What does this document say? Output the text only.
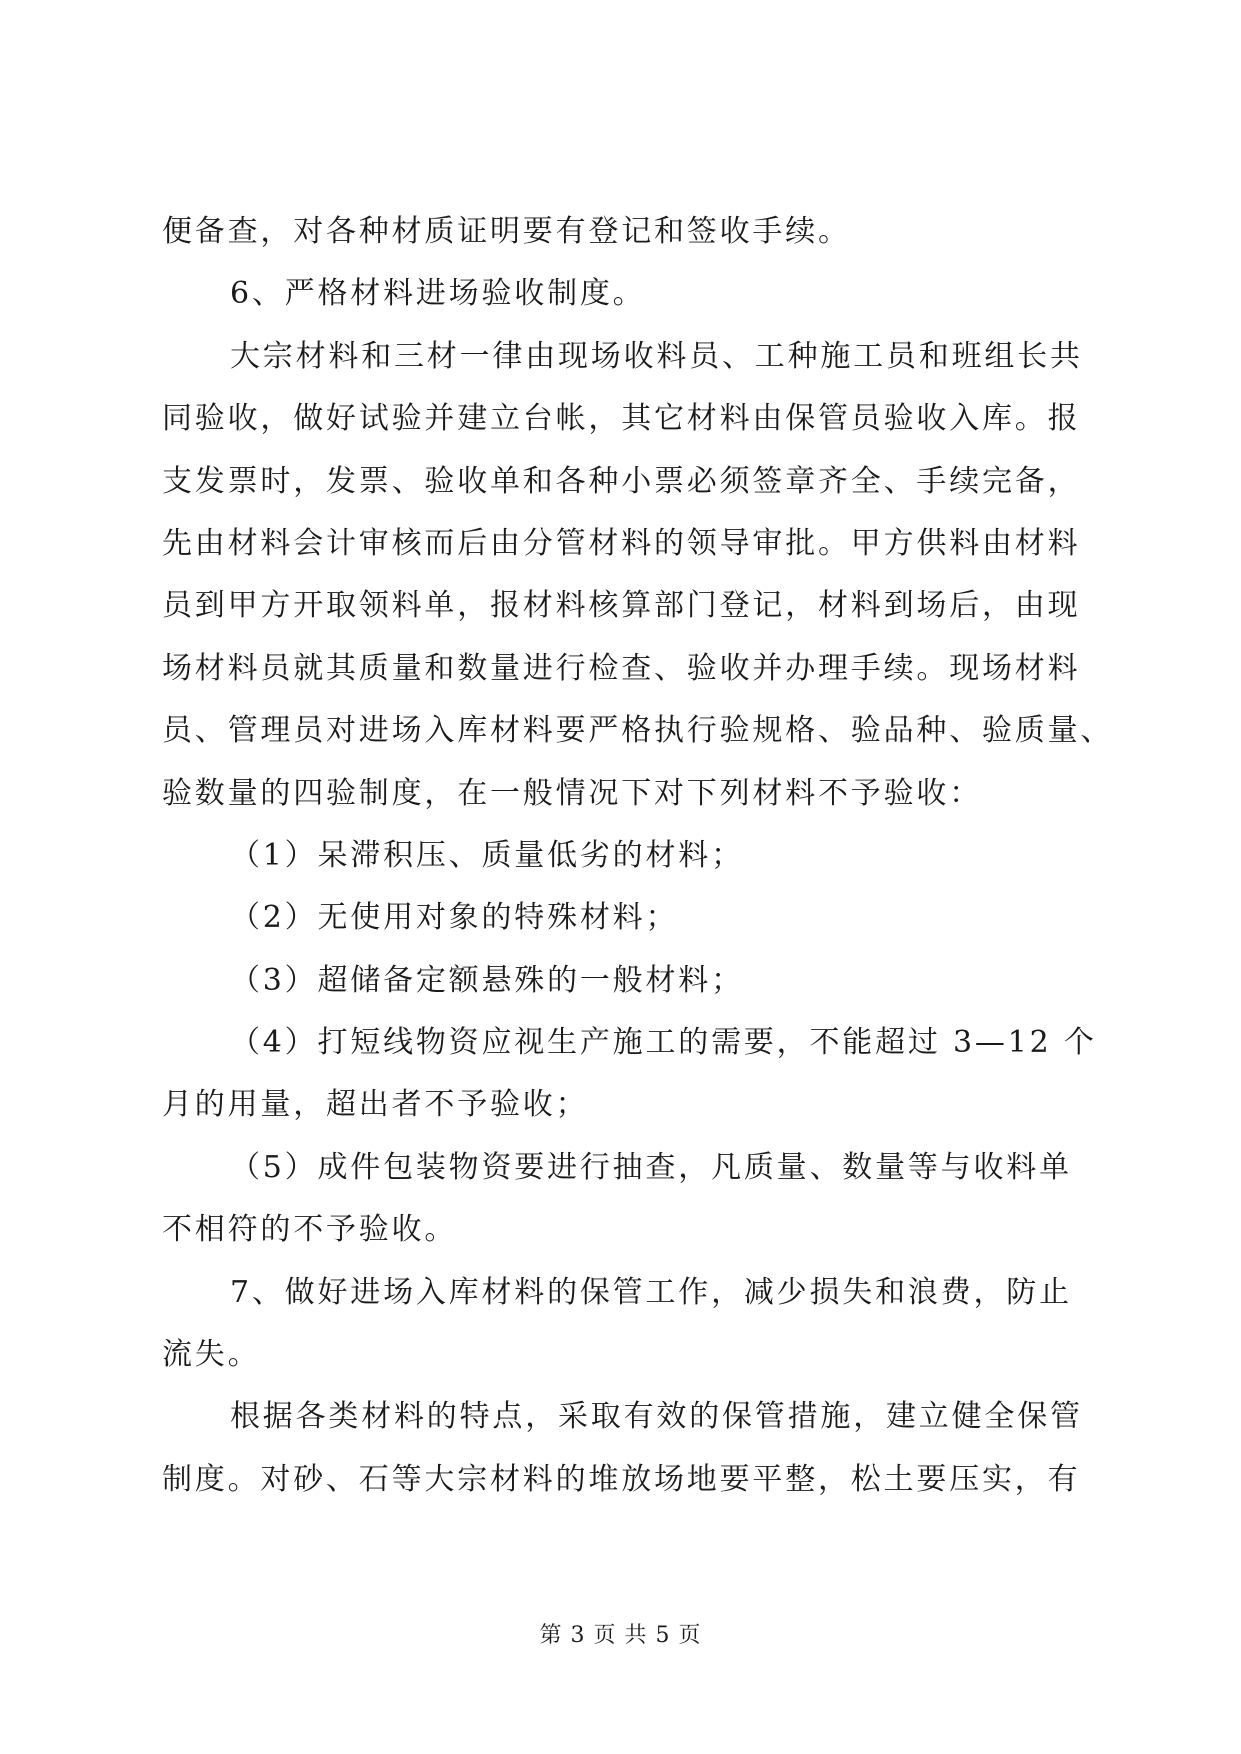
便备查，对各种材质证明要有登记和签收手续。
6、严格材料进场验收制度。
大宗材料和三材一律由现场收料员、工种施工员和班组长共
同验收，做好试验并建立台帐，其它材料由保管员验收入库。报
支发票时，发票、验收单和各种小票必须签章齐全、手续完备，
先由材料会计审核而后由分管材料的领导审批。甲方供料由材料
员到甲方开取领料单，报材料核算部门登记，材料到场后，由现
场材料员就其质量和数量进行检查、验收并办理手续。现场材料
员、管理员对进场入库材料要严格执行验规格、验品种、验质量、
验数量的四验制度，在一般情况下对下列材料不予验收：
（1）呆滞积压、质量低劣的材料；
（2）无使用对象的特殊材料；
（3）超储备定额悬殊的一般材料；
（4）打短线物资应视生产施工的需要，不能超过 3—12 个
月的用量，超出者不予验收；
（5）成件包装物资要进行抽查，凡质量、数量等与收料单
不相符的不予验收。
7、做好进场入库材料的保管工作，减少损失和浪费，防止
流失。
根据各类材料的特点，采取有效的保管措施，建立健全保管
制度。对砂、石等大宗材料的堆放场地要平整，松土要压实，有
第 3 页 共 5 页
